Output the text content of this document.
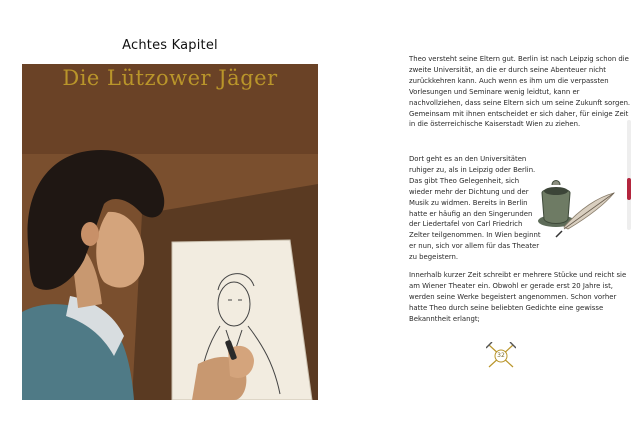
Achtes Kapitel
Die Lützower Jäger
Theo versteht seine Eltern gut. Berlin ist nach Leipzig schon die zweite Universität, an die er durch seine Abenteuer nicht zurückkehren kann. Auch wenn es ihm um die verpassten Vorlesungen und Seminare wenig leidtut, kann er nachvollziehen, dass seine Eltern sich um seine Zukunft sorgen. Gemeinsam mit ihnen entscheidet er sich daher, für einige Zeit in die österreichische Kaiserstadt Wien zu ziehen.
Dort geht es an den Universitäten ruhiger zu, als in Leipzig oder Berlin. Das gibt Theo Gelegenheit, sich wieder mehr der Dichtung und der Musik zu widmen. Bereits in Berlin hatte er häufig an den Singerunden der Liedertafel von Carl Friedrich Zelter teilgenommen. In Wien beginnt er nun, sich vor allem für das Theater zu begeistern.
Innerhalb kurzer Zeit schreibt er mehrere Stücke und reicht sie am Wiener Theater ein. Obwohl er gerade erst 20 Jahre ist, werden seine Werke begeistert angenommen. Schon vorher hatte Theo durch seine beliebten Gedichte eine gewisse Bekanntheit erlangt;
32
